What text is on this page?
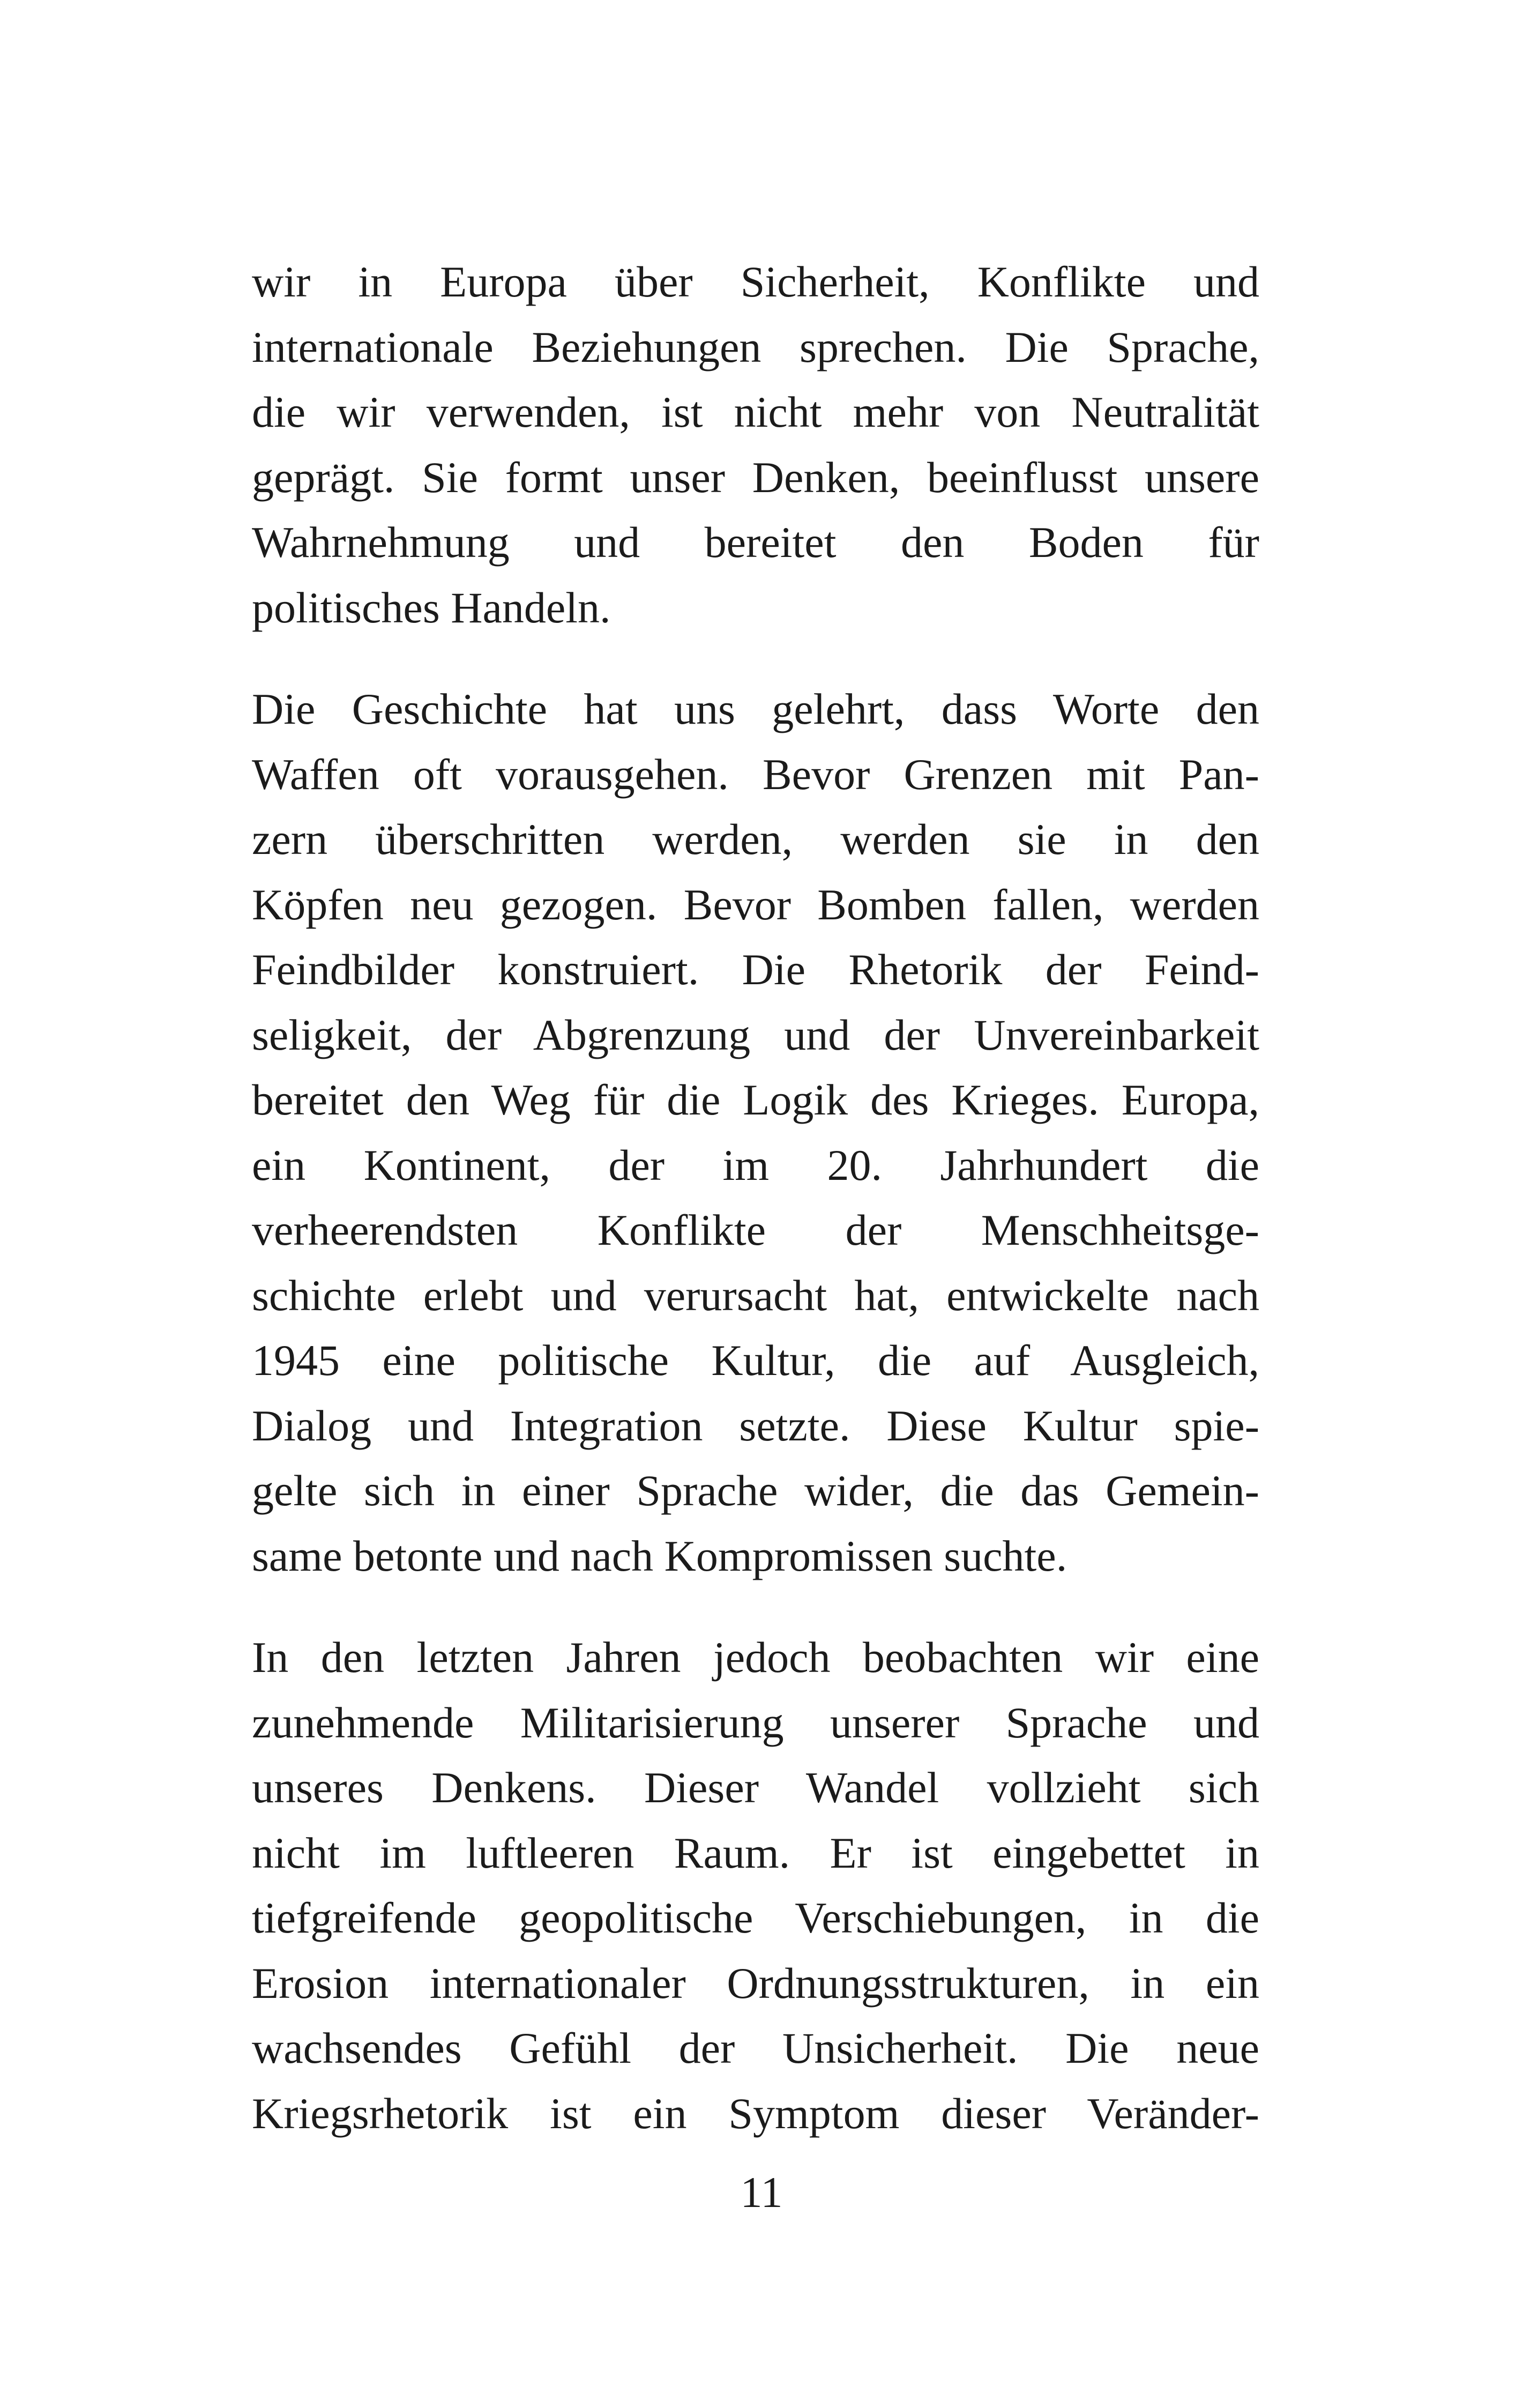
wir in Europa über Sicherheit, Konflikte und
internationale Beziehungen sprechen. Die Sprache,
die wir verwenden, ist nicht mehr von Neutralität
geprägt. Sie formt unser Denken, beeinflusst unsere
Wahrnehmung und bereitet den Boden für
politisches Handeln.
Die Geschichte hat uns gelehrt, dass Worte den
Waffen oft vorausgehen. Bevor Grenzen mit Pan-
zern überschritten werden, werden sie in den
Köpfen neu gezogen. Bevor Bomben fallen, werden
Feindbilder konstruiert. Die Rhetorik der Feind-
seligkeit, der Abgrenzung und der Unvereinbarkeit
bereitet den Weg für die Logik des Krieges. Europa,
ein Kontinent, der im 20. Jahrhundert die
verheerendsten Konflikte der Menschheitsge-
schichte erlebt und verursacht hat, entwickelte nach
1945 eine politische Kultur, die auf Ausgleich,
Dialog und Integration setzte. Diese Kultur spie-
gelte sich in einer Sprache wider, die das Gemein-
same betonte und nach Kompromissen suchte.
In den letzten Jahren jedoch beobachten wir eine
zunehmende Militarisierung unserer Sprache und
unseres Denkens. Dieser Wandel vollzieht sich
nicht im luftleeren Raum. Er ist eingebettet in
tiefgreifende geopolitische Verschiebungen, in die
Erosion internationaler Ordnungsstrukturen, in ein
wachsendes Gefühl der Unsicherheit. Die neue
Kriegsrhetorik ist ein Symptom dieser Veränder-
11
